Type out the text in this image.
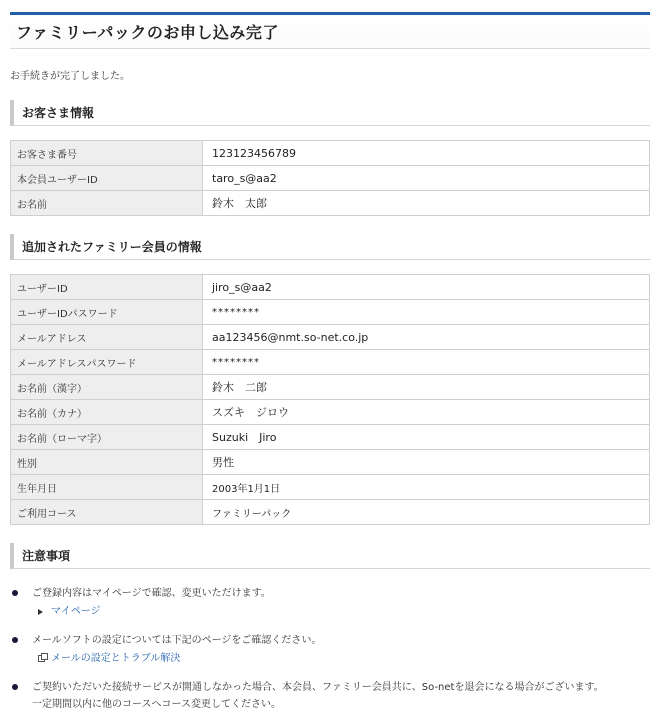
ファミリーパックのお申し込み完了

お手続きが完了しました。

お客さま情報
お客さま番号	123123456789
本会員ユーザーID	taro_s@aa2
お名前	鈴木　太郎
追加されたファミリー会員の情報
ユーザーID	jiro_s@aa2
ユーザーIDパスワード	********
メールアドレス	aa123456@nmt.so-net.co.jp
メールアドレスパスワード	********
お名前（漢字）	鈴木　二郎
お名前（カナ）	スズキ　ジロウ
お名前（ローマ字）	Suzuki　Jiro
性別	男性
生年月日	2003年1月1日
ご利用コース	ファミリーパック
注意事項
ご登録内容はマイページで確認、変更いただけます。
マイページ
メールソフトの設定については下記のページをご確認ください。
メールの設定とトラブル解決
ご契約いただいた接続サービスが開通しなかった場合、本会員、ファミリー会員共に、So-netを退会になる場合がございます。
一定期間以内に他のコースへコース変更してください。
